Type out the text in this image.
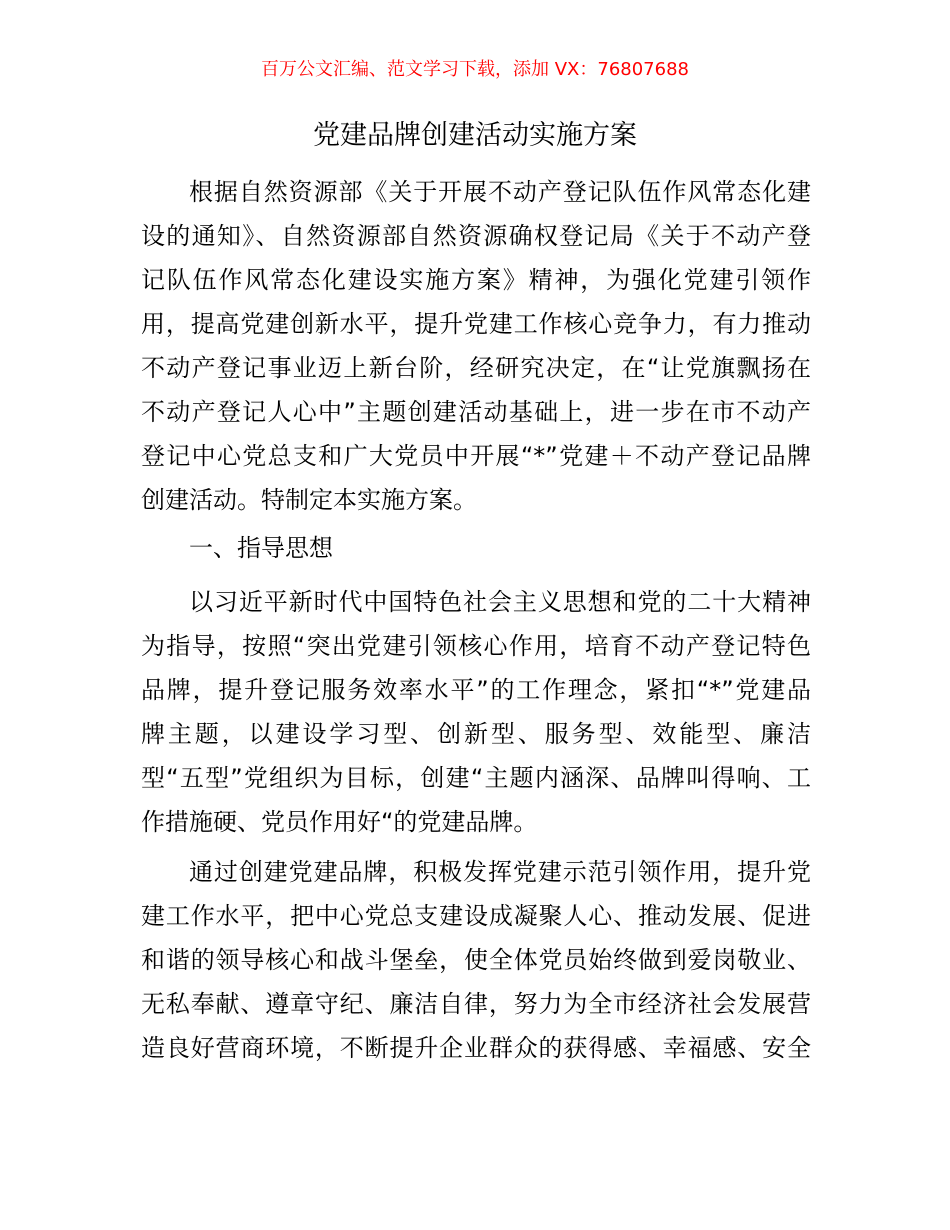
百万公文汇编、范文学习下载，添加 VX：76807688
党建品牌创建活动实施方案
根据自然资源部《关于开展不动产登记队伍作风常态化建
设的通知》、自然资源部自然资源确权登记局《关于不动产登
记队伍作风常态化建设实施方案》精神，为强化党建引领作
用，提高党建创新水平，提升党建工作核心竞争力，有力推动
不动产登记事业迈上新台阶，经研究决定，在“让党旗飘扬在
不动产登记人心中”主题创建活动基础上，进一步在市不动产
登记中心党总支和广大党员中开展“*”党建＋不动产登记品牌
创建活动。特制定本实施方案。
一、指导思想
以习近平新时代中国特色社会主义思想和党的二十大精神
为指导，按照“突出党建引领核心作用，培育不动产登记特色
品牌，提升登记服务效率水平”的工作理念，紧扣“*”党建品
牌主题，以建设学习型、创新型、服务型、效能型、廉洁
型“五型”党组织为目标，创建“主题内涵深、品牌叫得响、工
作措施硬、党员作用好“的党建品牌。
通过创建党建品牌，积极发挥党建示范引领作用，提升党
建工作水平，把中心党总支建设成凝聚人心、推动发展、促进
和谐的领导核心和战斗堡垒，使全体党员始终做到爱岗敬业、
无私奉献、遵章守纪、廉洁自律，努力为全市经济社会发展营
造良好营商环境，不断提升企业群众的获得感、幸福感、安全
